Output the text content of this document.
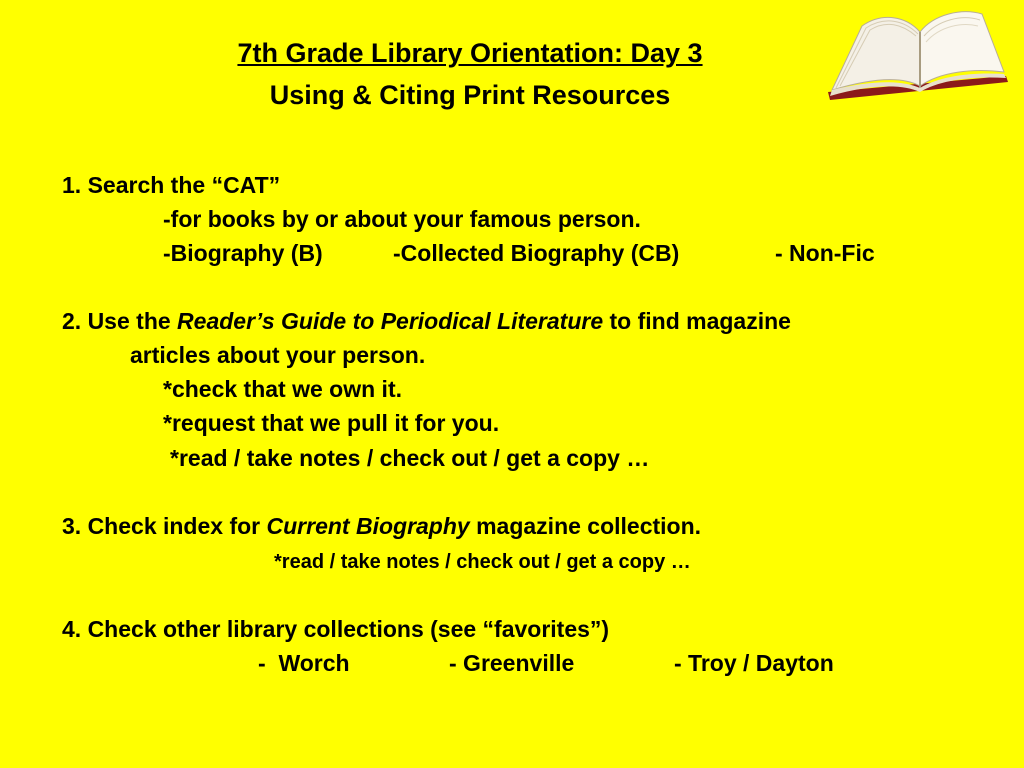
7th Grade Library Orientation: Day 3
Using & Citing Print Resources

1. Search the “CAT”

-for books by or about your famous person.

-Biography (B)	-Collected Biography (CB)	- Non-Fic

2. Use the Reader’s Guide to Periodical Literature to find magazine

articles about your person.

*check that we own it.

*request that we pull it for you.

*read / take notes / check out / get a copy …

3. Check index for Current Biography magazine collection.

*read / take notes / check out / get a copy …

4. Check other library collections (see “favorites”)

-  Worch	- Greenville	- Troy / Dayton
